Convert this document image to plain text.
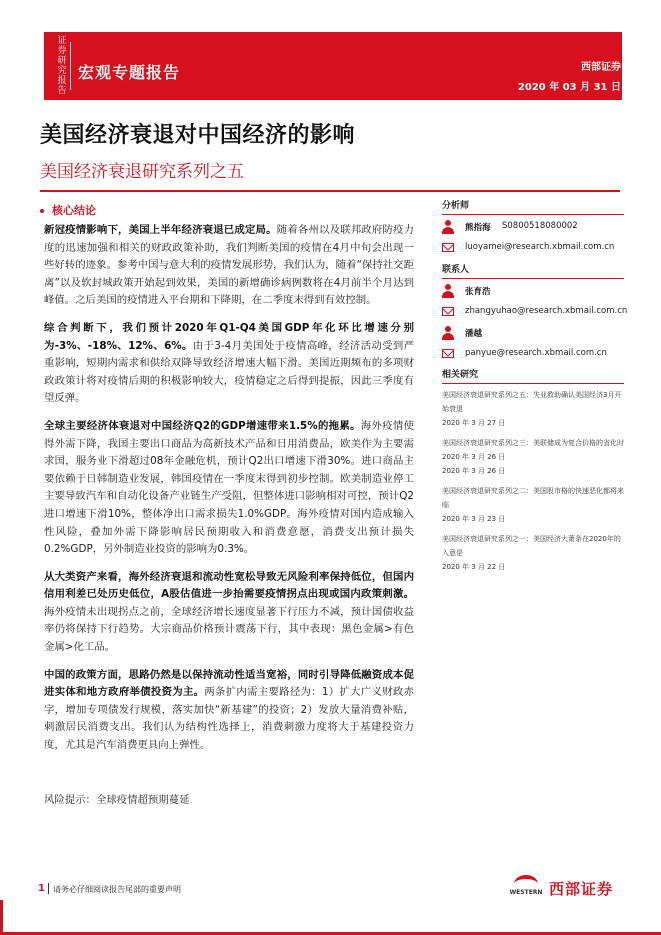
证
券
研
究
报
告
宏观专题报告	西部证券
2020 年 03 月 31 日
美国经济衰退对中国经济的影响
美国经济衰退研究系列之五
核心结论

新冠疫情影响下，美国上半年经济衰退已成定局。随着各州以及联邦政府防疫力度的迅速加强和相关的财政政策补助，我们判断美国的疫情在4月中旬会出现一些好转的迹象。参考中国与意大利的疫情发展形势，我们认为，随着“保持社交距离”以及软封城政策开始起到效果，美国的新增确诊病例数将在4月前半个月达到峰值。之后美国的疫情进入平台期和下降期，在二季度末得到有效控制。

综合判断下，我们预计2020年Q1-Q4美国GDP年化环比增速分别为-3%、-18%、12%、6%。由于3-4月美国处于疫情高峰，经济活动受到严重影响，短期内需求和供给双降导致经济增速大幅下滑。美国近期频布的多项财政政策计将对疫情后期的积极影响较大，疫情稳定之后得到提振，因此三季度有望反弹。

全球主要经济体衰退对中国经济Q2的GDP增速带来1.5%的拖累。海外疫情使得外需下降，我国主要出口商品为高新技术产品和日用消费品，欧美作为主要需求国，服务业下滑超过08年金融危机，预计Q2出口增速下滑30%。进口商品主要依赖于日韩制造业发展，韩国疫情在一季度末得到初步控制。欧美制造业停工主要导致汽车和自动化设备产业链生产受阻，但整体进口影响相对可控，预计Q2进口增速下滑10%，整体净出口需求损失1.0%GDP。海外疫情对国内造成输入性风险，叠加外需下降影响居民预期收入和消费意愿，消费支出预计损失0.2%GDP，另外制造业投资的影响为0.3%。

从大类资产来看，海外经济衰退和流动性宽松导致无风险利率保持低位，但国内信用利差已处历史低位，A股估值进一步抬需要疫情拐点出现或国内政策刺激。海外疫情未出现拐点之前，全球经济增长速度显著下行压力不减，预计国债收益率仍将保持下行趋势。大宗商品价格预计震荡下行，其中表现：黑色金属>有色金属>化工品。

中国的政策方面，思路仍然是以保持流动性适当宽裕，同时引导降低融资成本促进实体和地方政府举债投资为主。两条扩内需主要路径为：1）扩大广义财政赤字，增加专项债发行规模，落实加快“新基建”的投资；2）发放大量消费补贴，刺激居民消费支出。我们认为结构性选择上，消费刺激力度将大于基建投资力度，尤其是汽车消费更具向上弹性。

风险提示：全球疫情超预期蔓延
分析师
熊指海 S0800518080002
luoyamei@research.xbmail.com.cn
联系人
张育浩
zhangyuhao@research.xbmail.com.cn
潘越
panyue@research.xbmail.com.cn
相关研究

美国经济衰退研究系列之五：失业救助确认美国经济3月开始衰退

2020 年 3 月 27 日

美国经济衰退研究系列之三：美联储成为复合价格的省化时 2020 年 3 月 26 日

2020 年 3 月 26 日

美国经济衰退研究系列之二：美国股市格的快速恶化都将来临

2020 年 3 月 23 日

美国经济衰退研究系列之一：美国经济大萧条在2020年的入意是

2020 年 3 月 22 日

1 请务必仔细阅读报告尾部的重要声明	WESTERN 西部证券
